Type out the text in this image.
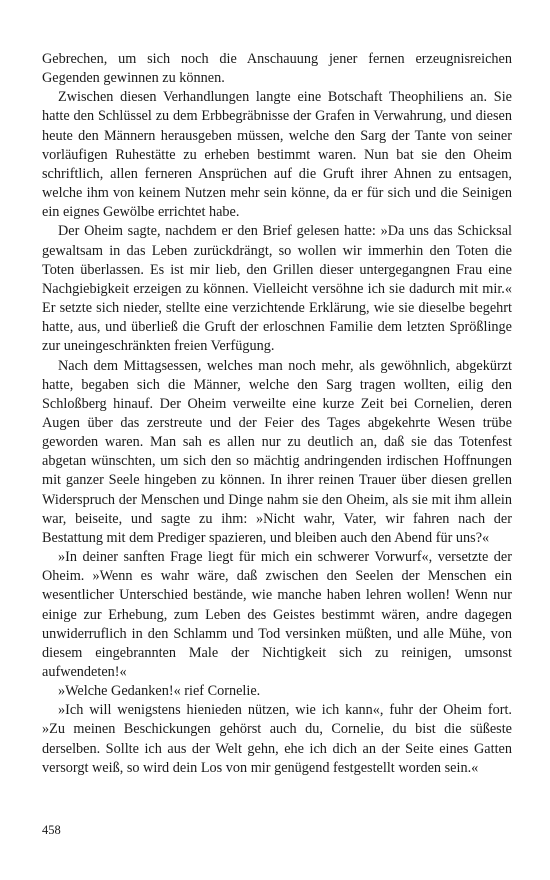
Gebrechen, um sich noch die Anschauung jener fernen erzeugnisreichen Gegenden gewinnen zu können.

Zwischen diesen Verhandlungen langte eine Botschaft Theophiliens an. Sie hatte den Schlüssel zu dem Erbbegräbnisse der Grafen in Verwahrung, und diesen heute den Männern herausgeben müssen, welche den Sarg der Tante von seiner vorläufigen Ruhestätte zu erheben bestimmt waren. Nun bat sie den Oheim schriftlich, allen ferneren Ansprüchen auf die Gruft ihrer Ahnen zu entsagen, welche ihm von keinem Nutzen mehr sein könne, da er für sich und die Seinigen ein eignes Gewölbe errichtet habe.

Der Oheim sagte, nachdem er den Brief gelesen hatte: »Da uns das Schicksal gewaltsam in das Leben zurückdrängt, so wollen wir immerhin den Toten die Toten überlassen. Es ist mir lieb, den Grillen dieser untergegangnen Frau eine Nachgiebigkeit erzeigen zu können. Vielleicht versöhne ich sie dadurch mit mir.« Er setzte sich nieder, stellte eine verzichtende Erklärung, wie sie dieselbe begehrt hatte, aus, und überließ die Gruft der erloschnen Familie dem letzten Sprößlinge zur uneingeschränkten freien Verfügung.

Nach dem Mittagsessen, welches man noch mehr, als gewöhnlich, abgekürzt hatte, begaben sich die Männer, welche den Sarg tragen wollten, eilig den Schloßberg hinauf. Der Oheim verweilte eine kurze Zeit bei Cornelien, deren Augen über das zerstreute und der Feier des Tages abgekehrte Wesen trübe geworden waren. Man sah es allen nur zu deutlich an, daß sie das Totenfest abgetan wünschten, um sich den so mächtig andringenden irdischen Hoffnungen mit ganzer Seele hingeben zu können. In ihrer reinen Trauer über diesen grellen Widerspruch der Menschen und Dinge nahm sie den Oheim, als sie mit ihm allein war, beiseite, und sagte zu ihm: »Nicht wahr, Vater, wir fahren nach der Bestattung mit dem Prediger spazieren, und bleiben auch den Abend für uns?«

»In deiner sanften Frage liegt für mich ein schwerer Vorwurf«, versetzte der Oheim. »Wenn es wahr wäre, daß zwischen den Seelen der Menschen ein wesentlicher Unterschied bestände, wie manche haben lehren wollen! Wenn nur einige zur Erhebung, zum Leben des Geistes bestimmt wären, andre dagegen unwiderruflich in den Schlamm und Tod versinken müßten, und alle Mühe, von diesem eingebrannten Male der Nichtigkeit sich zu reinigen, umsonst aufwendeten!«

»Welche Gedanken!« rief Cornelie.

»Ich will wenigstens hienieden nützen, wie ich kann«, fuhr der Oheim fort. »Zu meinen Beschickungen gehörst auch du, Cornelie, du bist die süßeste derselben. Sollte ich aus der Welt gehn, ehe ich dich an der Seite eines Gatten versorgt weiß, so wird dein Los von mir genügend festgestellt worden sein.«

458
